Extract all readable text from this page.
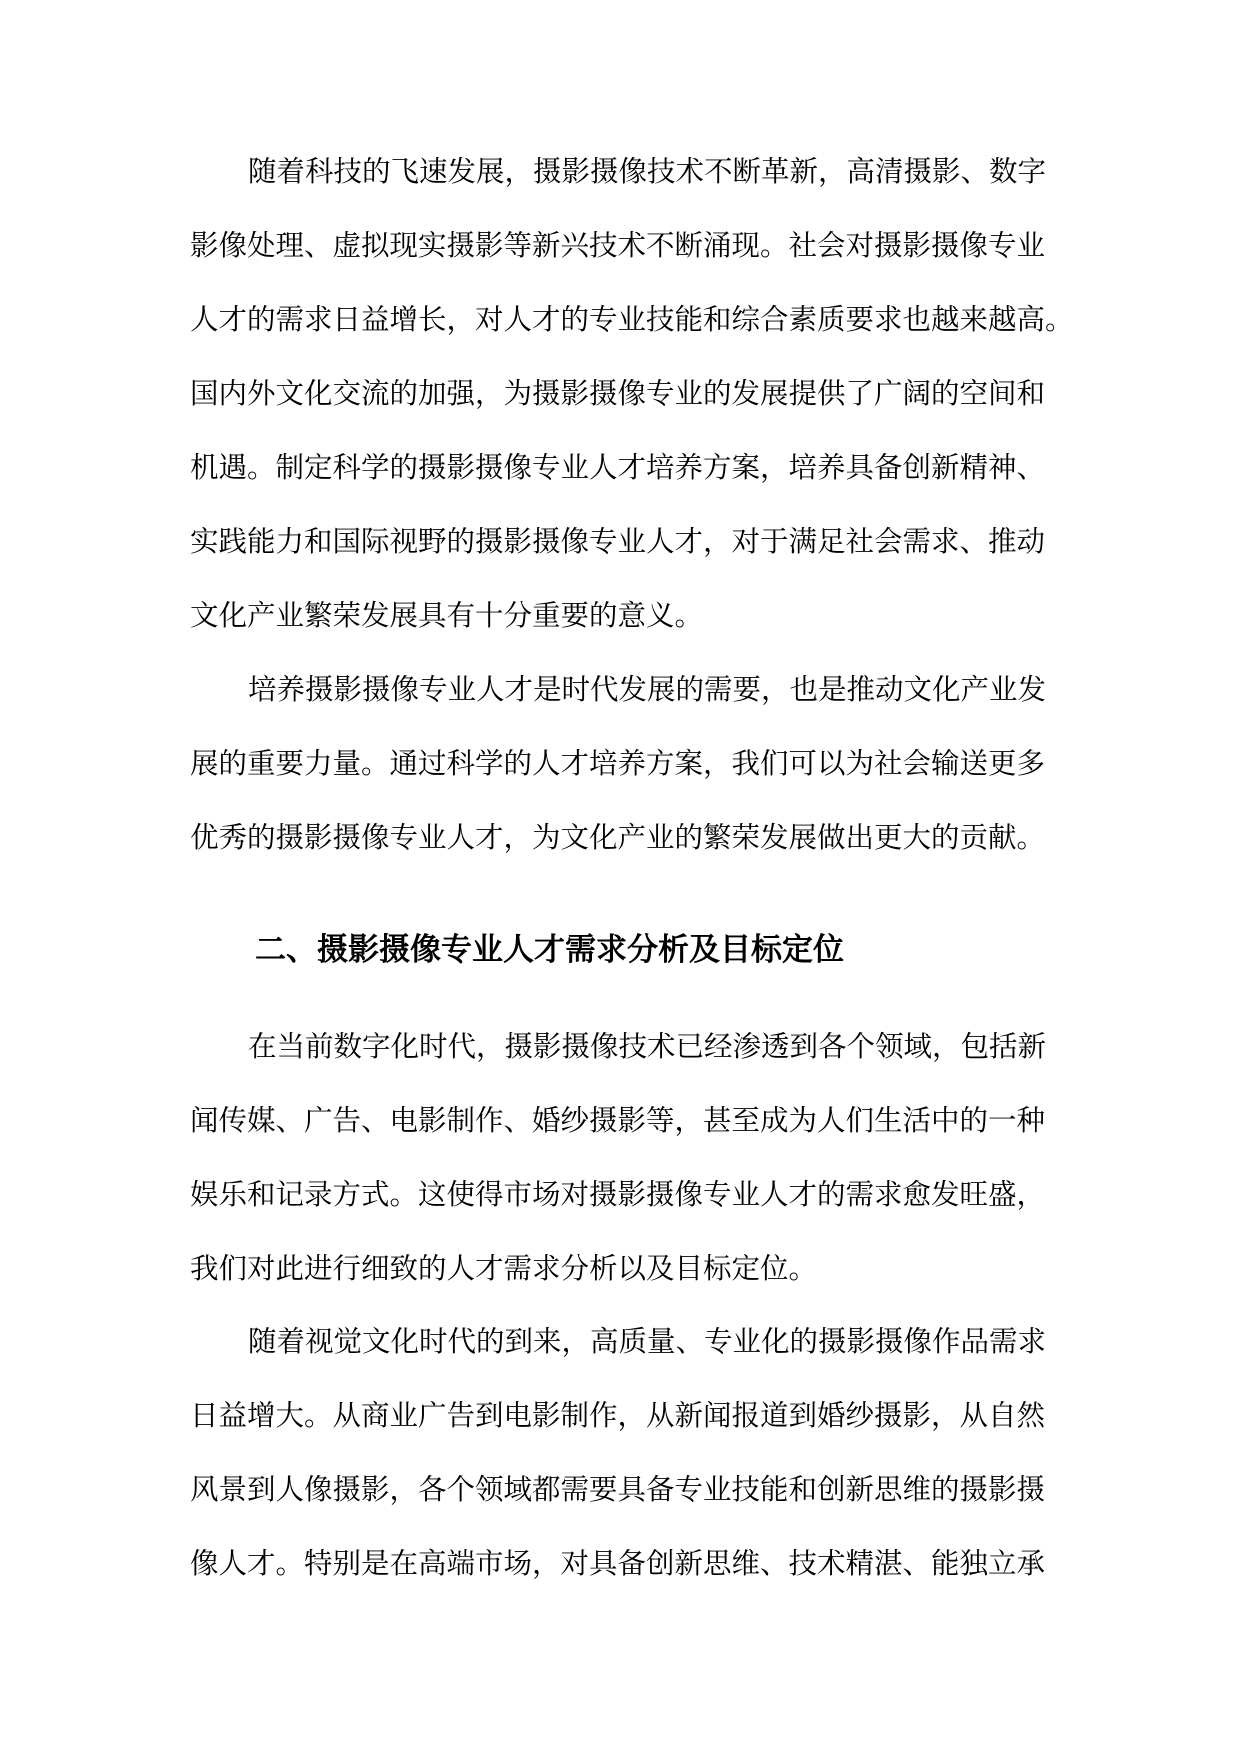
随着科技的飞速发展，摄影摄像技术不断革新，高清摄影、数字
影像处理、虚拟现实摄影等新兴技术不断涌现。社会对摄影摄像专业
人才的需求日益增长，对人才的专业技能和综合素质要求也越来越高。
国内外文化交流的加强，为摄影摄像专业的发展提供了广阔的空间和
机遇。制定科学的摄影摄像专业人才培养方案，培养具备创新精神、
实践能力和国际视野的摄影摄像专业人才，对于满足社会需求、推动
文化产业繁荣发展具有十分重要的意义。
培养摄影摄像专业人才是时代发展的需要，也是推动文化产业发
展的重要力量。通过科学的人才培养方案，我们可以为社会输送更多
优秀的摄影摄像专业人才，为文化产业的繁荣发展做出更大的贡献。
二、摄影摄像专业人才需求分析及目标定位
在当前数字化时代，摄影摄像技术已经渗透到各个领域，包括新
闻传媒、广告、电影制作、婚纱摄影等，甚至成为人们生活中的一种
娱乐和记录方式。这使得市场对摄影摄像专业人才的需求愈发旺盛，
我们对此进行细致的人才需求分析以及目标定位。
随着视觉文化时代的到来，高质量、专业化的摄影摄像作品需求
日益增大。从商业广告到电影制作，从新闻报道到婚纱摄影，从自然
风景到人像摄影，各个领域都需要具备专业技能和创新思维的摄影摄
像人才。特别是在高端市场，对具备创新思维、技术精湛、能独立承
